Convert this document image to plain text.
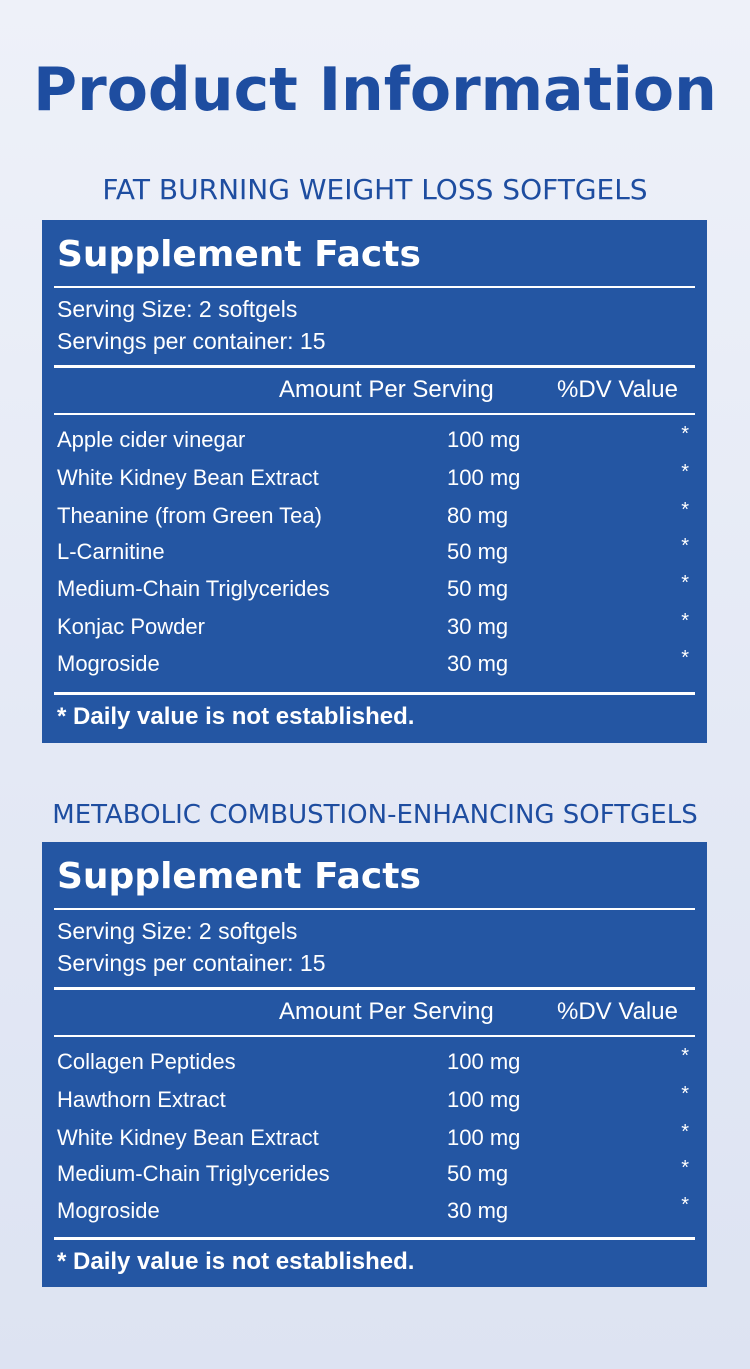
Product Information
FAT BURNING WEIGHT LOSS SOFTGELS
Supplement Facts
Serving Size: 2 softgels
Servings per container: 15
Amount Per Serving	%DV Value
Apple cider vinegar	100 mg	*
White Kidney Bean Extract	100 mg	*
Theanine (from Green Tea)	80 mg	*
L-Carnitine	50 mg	*
Medium-Chain Triglycerides	50 mg	*
Konjac Powder	30 mg	*
Mogroside	30 mg	*
* Daily value is not established.
METABOLIC COMBUSTION-ENHANCING SOFTGELS
Supplement Facts
Serving Size: 2 softgels
Servings per container: 15
Amount Per Serving	%DV Value
Collagen Peptides	100 mg	*
Hawthorn Extract	100 mg	*
White Kidney Bean Extract	100 mg	*
Medium-Chain Triglycerides	50 mg	*
Mogroside	30 mg	*
* Daily value is not established.
